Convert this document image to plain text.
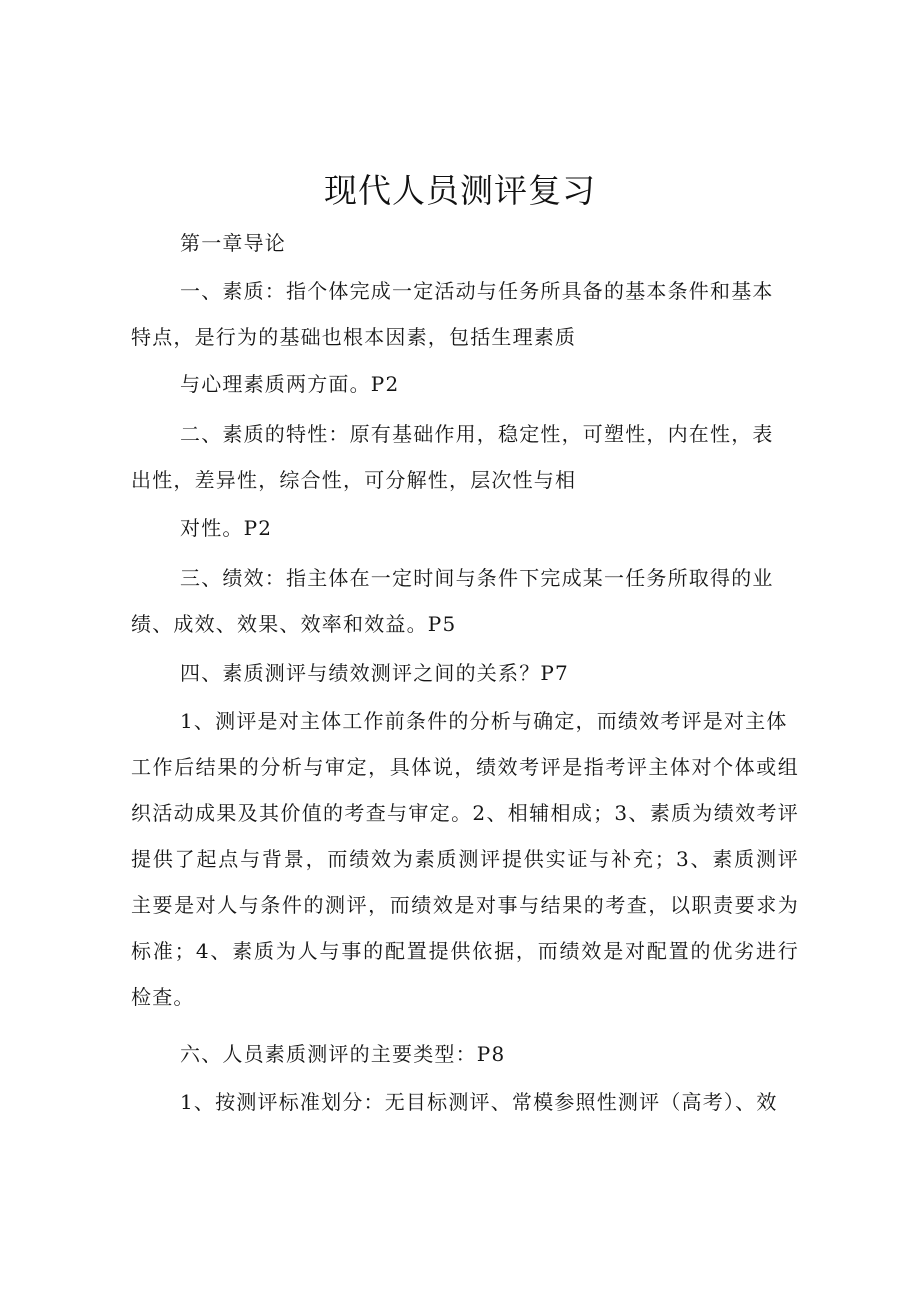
现代人员测评复习
第一章导论
一、素质：指个体完成一定活动与任务所具备的基本条件和基本
特点，是行为的基础也根本因素，包括生理素质
与心理素质两方面。P2
二、素质的特性：原有基础作用，稳定性，可塑性，内在性，表
出性，差异性，综合性，可分解性，层次性与相
对性。P2
三、绩效：指主体在一定时间与条件下完成某一任务所取得的业
绩、成效、效果、效率和效益。P5
四、素质测评与绩效测评之间的关系？P7
1、测评是对主体工作前条件的分析与确定，而绩效考评是对主体
工作后结果的分析与审定，具体说，绩效考评是指考评主体对个体或组
织活动成果及其价值的考查与审定。2、相辅相成；3、素质为绩效考评
提供了起点与背景，而绩效为素质测评提供实证与补充；3、素质测评
主要是对人与条件的测评，而绩效是对事与结果的考查，以职责要求为
标准；4、素质为人与事的配置提供依据，而绩效是对配置的优劣进行
检查。
六、人员素质测评的主要类型：P8
1、按测评标准划分：无目标测评、常模参照性测评（高考）、效
